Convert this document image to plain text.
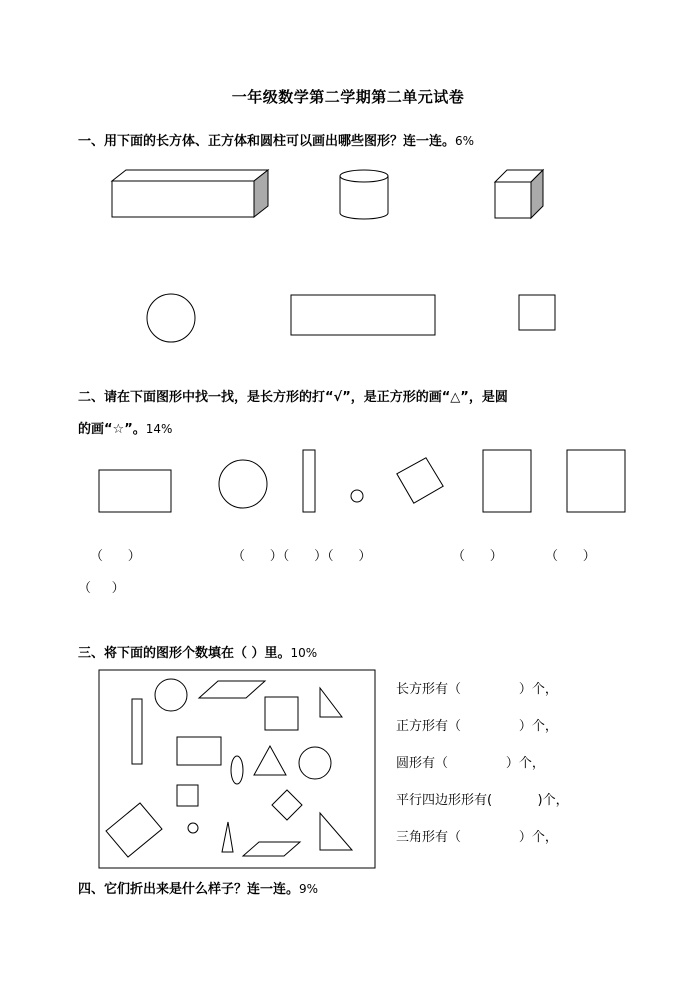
一年级数学第二学期第二单元试卷
一、用下面的长方体、正方体和圆柱可以画出哪些图形？连一连。6%
二、请在下面图形中找一找，是长方形的打“√”，是正方形的画“△”，是圆
的画“☆”。14%
（      ）	（      ）（      ）（      ）	（      ）	（      ）
（     ）
三、将下面的图形个数填在（ ）里。10%
长方形有（              ）个，
正方形有（              ）个，
圆形有（              ）个，
平行四边形形有(           )个，
三角形有（              ）个，
四、它们折出来是什么样子？连一连。9%
